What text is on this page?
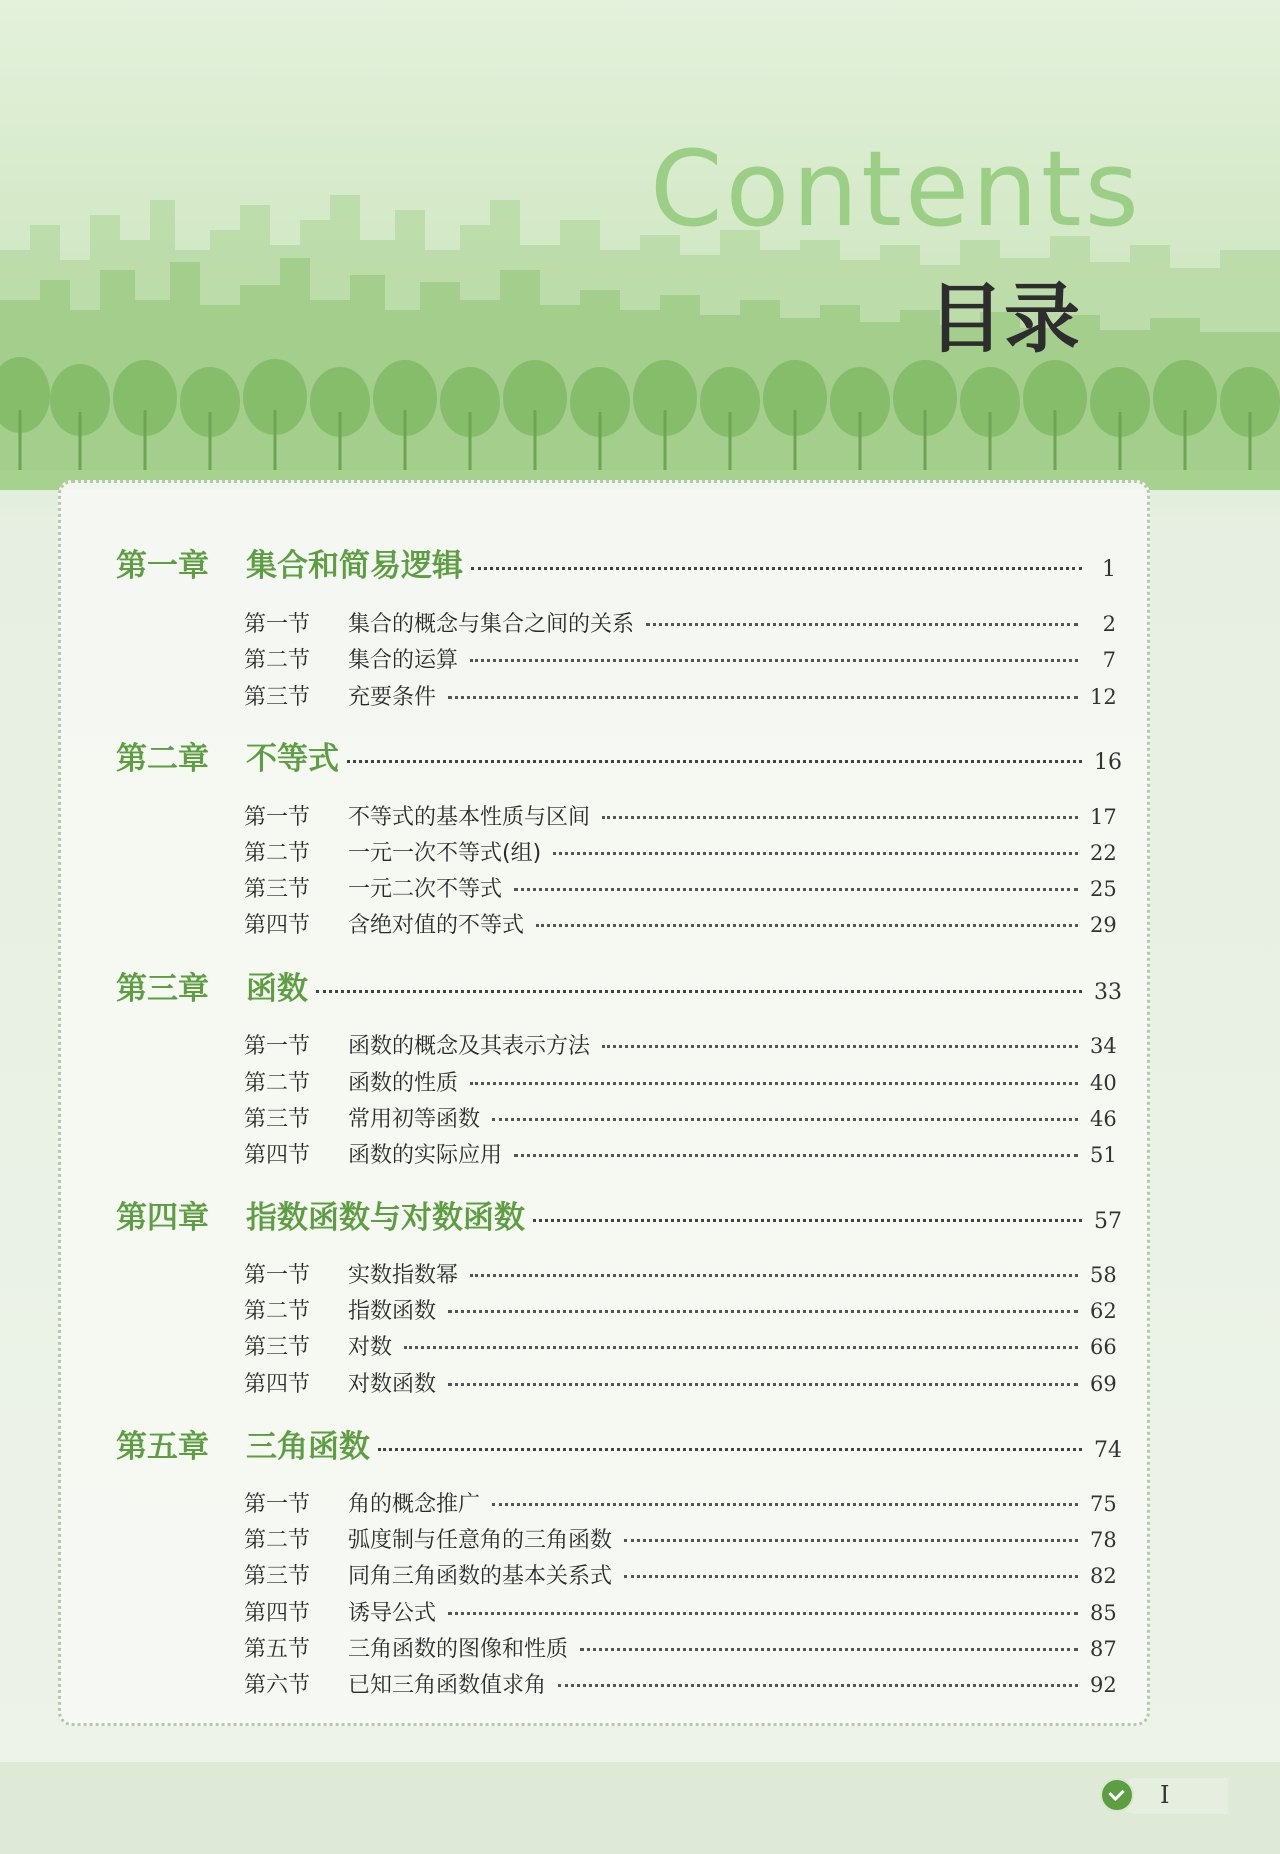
Contents
目录
第一章	集合和简易逻辑	1
第一节	集合的概念与集合之间的关系	2
第二节	集合的运算	7
第三节	充要条件	12
第二章	不等式	16
第一节	不等式的基本性质与区间	17
第二节	一元一次不等式(组)	22
第三节	一元二次不等式	25
第四节	含绝对值的不等式	29
第三章	函数	33
第一节	函数的概念及其表示方法	34
第二节	函数的性质	40
第三节	常用初等函数	46
第四节	函数的实际应用	51
第四章	指数函数与对数函数	57
第一节	实数指数幂	58
第二节	指数函数	62
第三节	对数	66
第四节	对数函数	69
第五章	三角函数	74
第一节	角的概念推广	75
第二节	弧度制与任意角的三角函数	78
第三节	同角三角函数的基本关系式	82
第四节	诱导公式	85
第五节	三角函数的图像和性质	87
第六节	已知三角函数值求角	92
I
